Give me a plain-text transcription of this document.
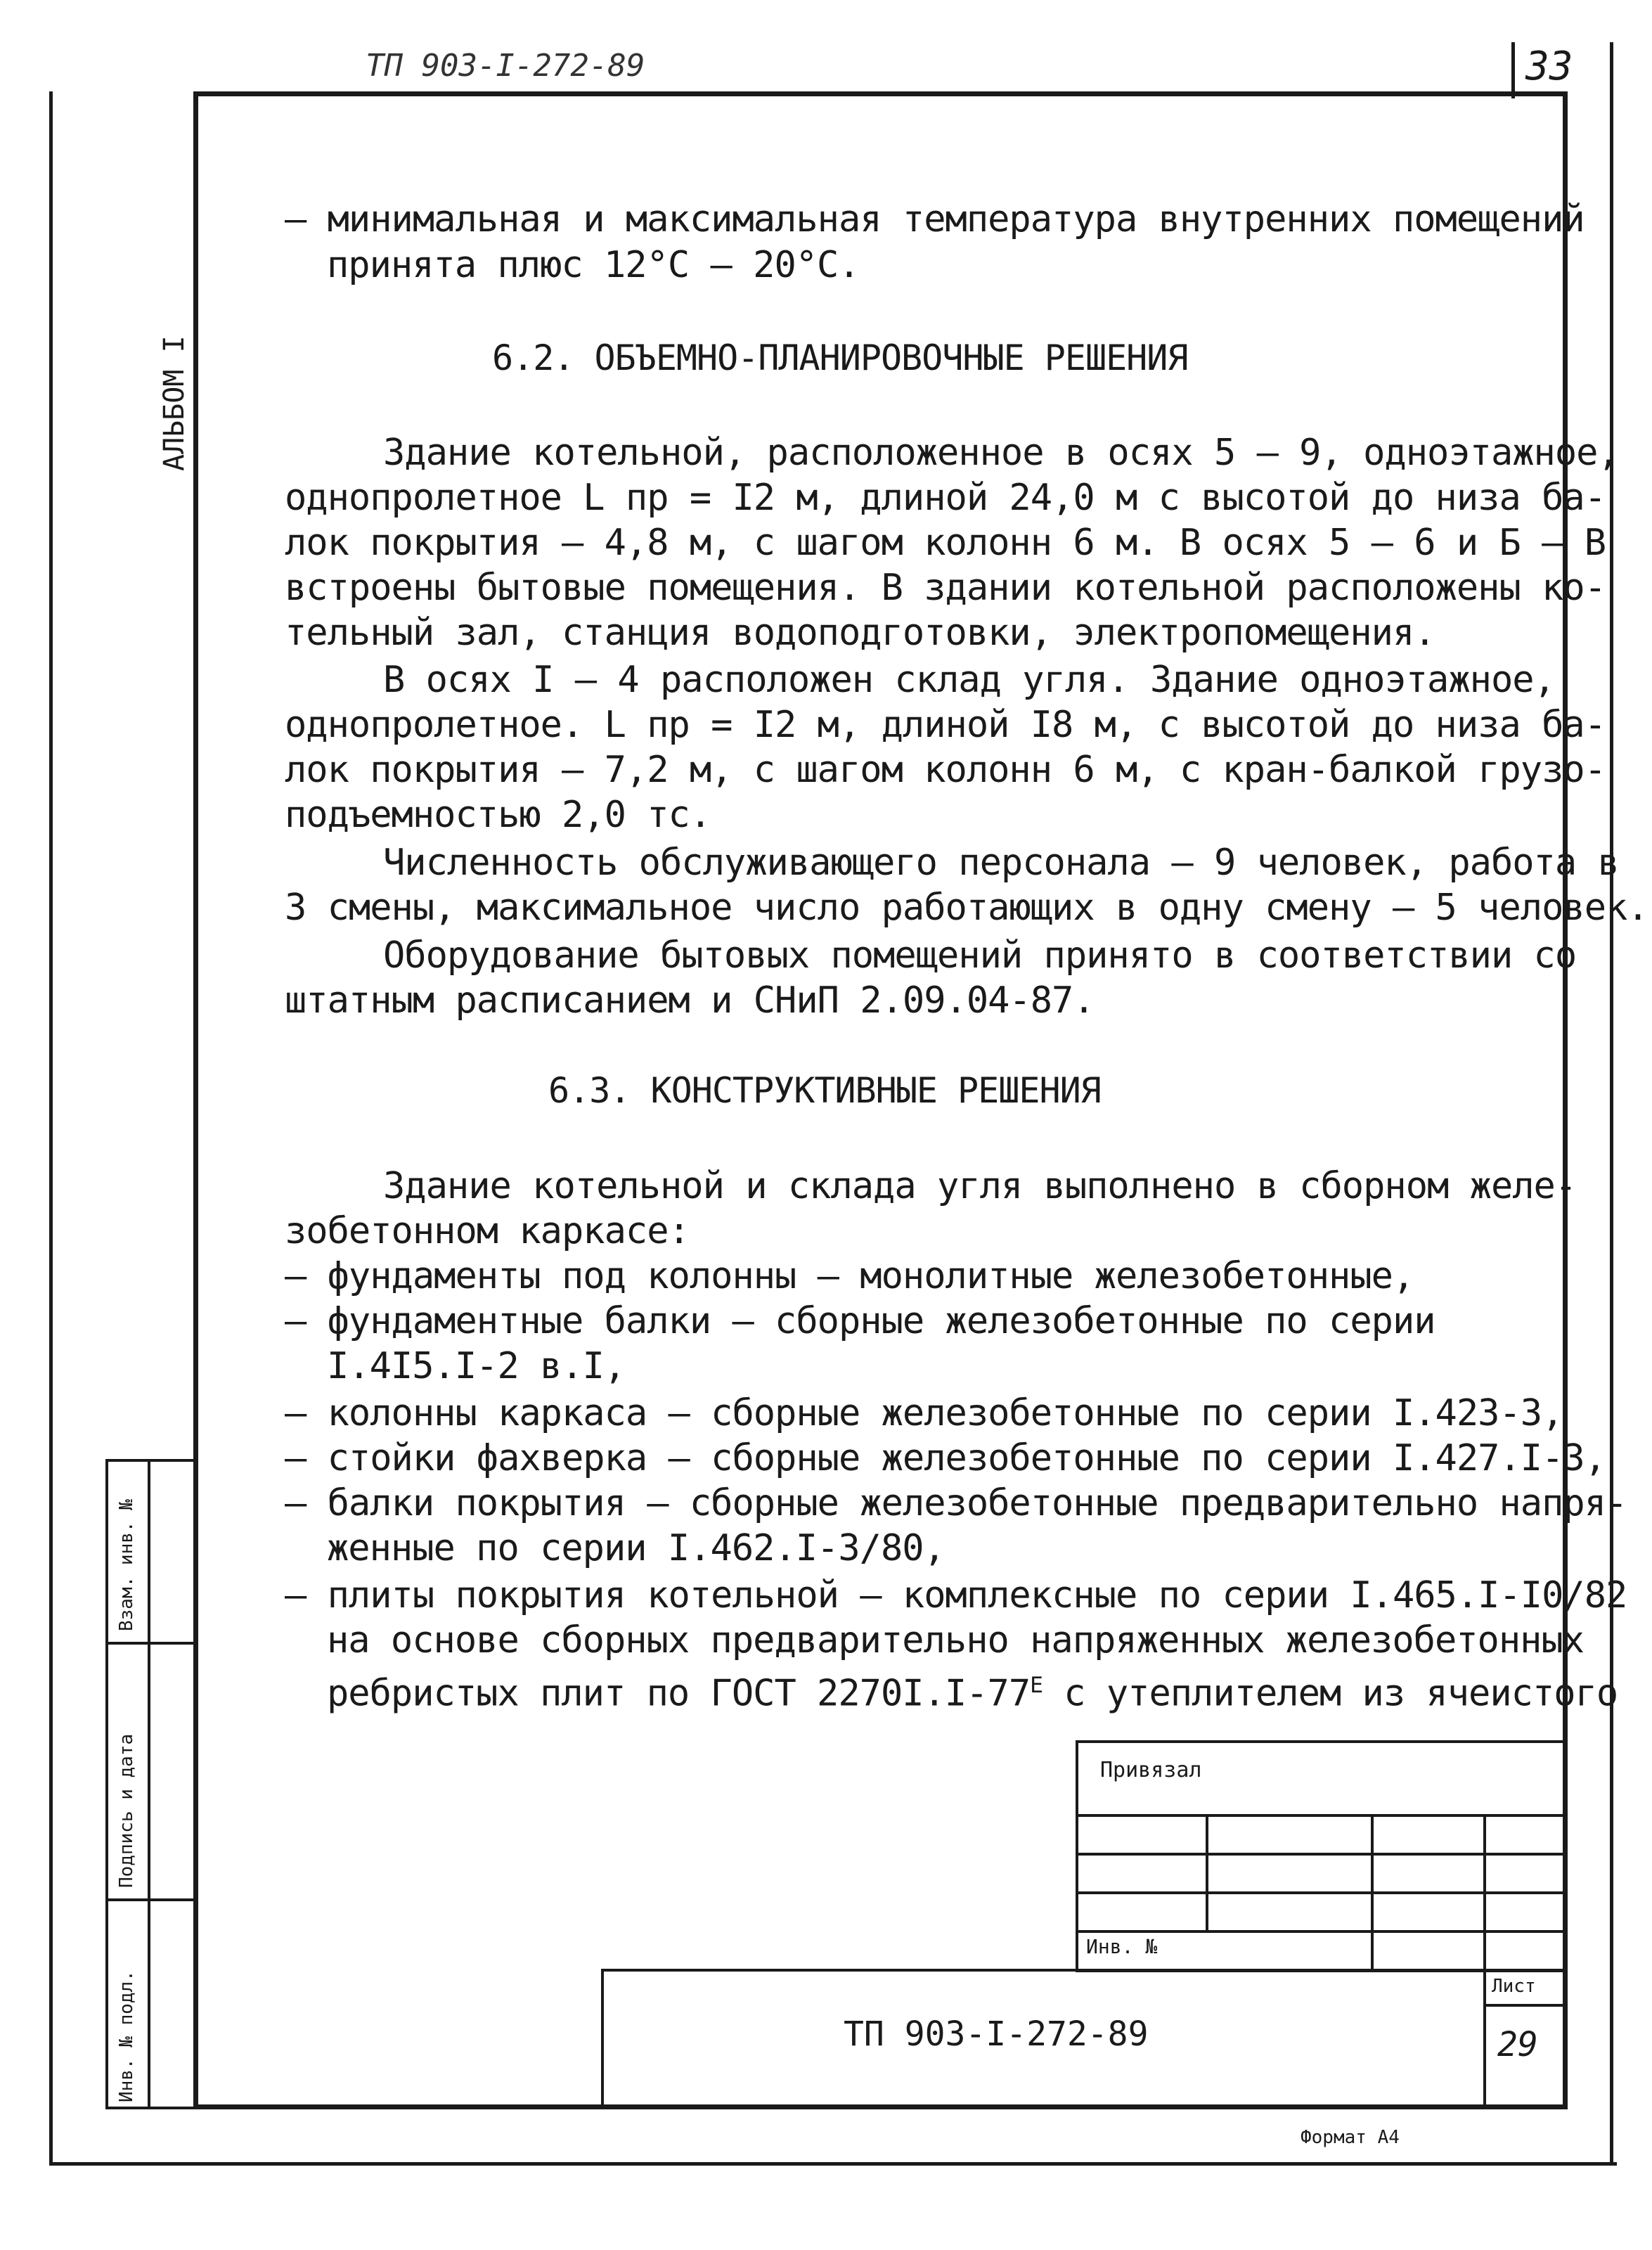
ТП 903-I-272-89	33
АЛЬБОМ I
Взам. инв. №
Подпись и дата
Инв. № подл.
– минимальная и максимальная температура внутренних помещений
принята плюс 12°С – 20°С.
6.2. ОБЪЕМНО-ПЛАНИРОВОЧНЫЕ РЕШЕНИЯ
Здание котельной, расположенное в осях 5 – 9, одноэтажное,
однопролетное L пр = I2 м, длиной 24,0 м с высотой до низа ба-
лок покрытия – 4,8 м, с шагом колонн 6 м. В осях 5 – 6 и Б – В
встроены бытовые помещения. В здании котельной расположены ко-
тельный зал, станция водоподготовки, электропомещения.
В осях I – 4 расположен склад угля. Здание одноэтажное,
однопролетное. L пр = I2 м, длиной I8 м, с высотой до низа ба-
лок покрытия – 7,2 м, с шагом колонн 6 м, с кран-балкой грузо-
подъемностью 2,0 тс.
Численность обслуживающего персонала – 9 человек, работа в
3 смены, максимальное число работающих в одну смену – 5 человек.
Оборудование бытовых помещений принято в соответствии со
штатным расписанием и СНиП 2.09.04-87.
6.3. КОНСТРУКТИВНЫЕ РЕШЕНИЯ
Здание котельной и склада угля выполнено в сборном желе-
зобетонном каркасе:
– фундаменты под колонны – монолитные железобетонные,
– фундаментные балки – сборные железобетонные по серии
I.4I5.I-2 в.I,
– колонны каркаса – сборные железобетонные по серии I.423-3,
– стойки фахверка – сборные железобетонные по серии I.427.I-3,
– балки покрытия – сборные железобетонные предварительно напря-
женные по серии I.462.I-3/80,
– плиты покрытия котельной – комплексные по серии I.465.I-I0/82
на основе сборных предварительно напряженных железобетонных
ребристых плит по ГОСТ $2270I.I-77^Е$ с утеплителем из ячеистого
Привязал
Инв. №
ТП 903-I-272-89
Лист
29
Формат А4
